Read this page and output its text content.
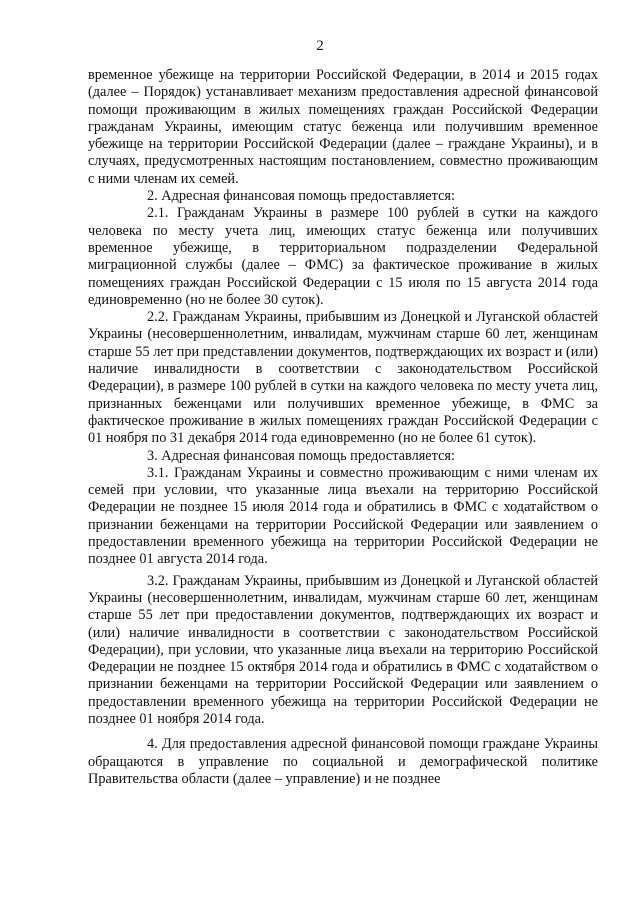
2

временное убежище на территории Российской Федерации, в 2014 и 2015 годах (далее – Порядок) устанавливает механизм предоставления адресной финансовой помощи проживающим в жилых помещениях граждан Российской Федерации гражданам Украины, имеющим статус беженца или получившим временное убежище на территории Российской Федерации (далее – граждане Украины), и в случаях, предусмотренных настоящим постановлением, совместно проживающим с ними членам их семей.

2. Адресная финансовая помощь предоставляется:

2.1. Гражданам Украины в размере 100 рублей в сутки на каждого человека по месту учета лиц, имеющих статус беженца или получивших временное убежище, в территориальном подразделении Федеральной миграционной службы (далее – ФМС) за фактическое проживание в жилых помещениях граждан Российской Федерации с 15 июля по 15 августа 2014 года единовременно (но не более 30 суток).

2.2. Гражданам Украины, прибывшим из Донецкой и Луганской областей Украины (несовершеннолетним, инвалидам, мужчинам старше 60 лет, женщинам старше 55 лет при представлении документов, подтверждающих их возраст и (или) наличие инвалидности в соответствии с законодательством Российской Федерации), в размере 100 рублей в сутки на каждого человека по месту учета лиц, признанных беженцами или получивших временное убежище, в ФМС за фактическое проживание в жилых помещениях граждан Российской Федерации с 01 ноября по 31 декабря 2014 года единовременно (но не более 61 суток).

3. Адресная финансовая помощь предоставляется:

3.1. Гражданам Украины и совместно проживающим с ними членам их семей при условии, что указанные лица въехали на территорию Российской Федерации не позднее 15 июля 2014 года и обратились в ФМС с ходатайством о признании беженцами на территории Российской Федерации или заявлением о предоставлении временного убежища на территории Российской Федерации не позднее 01 августа 2014 года.

3.2. Гражданам Украины, прибывшим из Донецкой и Луганской областей Украины (несовершеннолетним, инвалидам, мужчинам старше 60 лет, женщинам старше 55 лет при предоставлении документов, подтверждающих их возраст и (или) наличие инвалидности в соответствии с законодательством Российской Федерации), при условии, что указанные лица въехали на территорию Российской Федерации не позднее 15 октября 2014 года и обратились в ФМС с ходатайством о признании беженцами на территории Российской Федерации или заявлением о предоставлении временного убежища на территории Российской Федерации не позднее 01 ноября 2014 года.

4. Для предоставления адресной финансовой помощи граждане Украины обращаются в управление по социальной и демографической политике Правительства области (далее – управление) и не позднее
